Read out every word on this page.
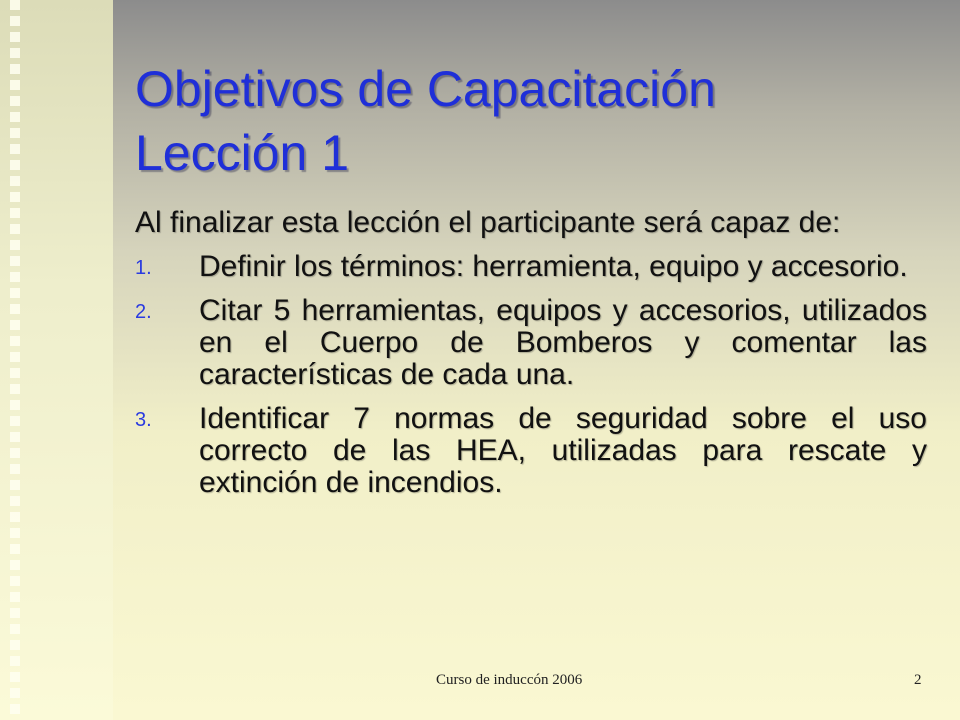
Objetivos de Capacitación
Lección 1

Al finalizar esta lección el participante será capaz de:

1. Definir los términos: herramienta, equipo y accesorio.
2. Citar 5 herramientas, equipos y accesorios, utilizados en el Cuerpo de Bomberos y comentar las características de cada una.
3. Identificar 7 normas de seguridad sobre el uso correcto de las HEA, utilizadas para rescate y extinción de incendios.
Curso de induccón 2006	2
